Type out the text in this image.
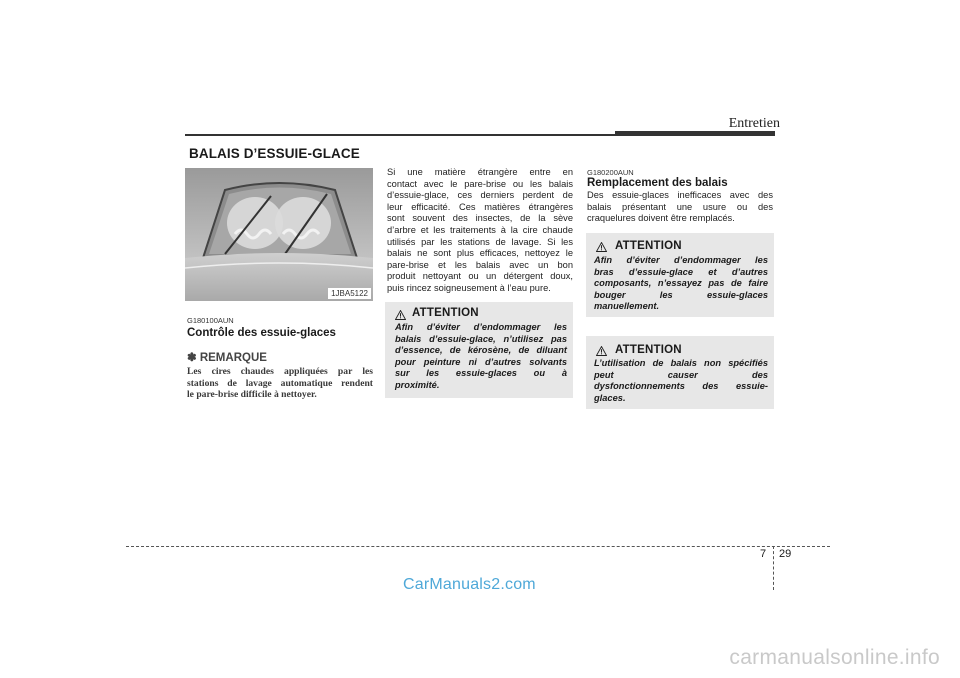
Entretien
BALAIS D’ESSUIE-GLACE
1JBA5122
G180100AUN
Contrôle des essuie-glaces
✽ REMARQUE
Les cires chaudes appliquées par les
stations de lavage automatique rendent
le pare-brise difficile à nettoyer.
Si une matière étrangère entre en
contact avec le pare-brise ou les balais
d’essuie-glace, ces derniers perdent de
leur efficacité. Ces matières étrangères
sont souvent des insectes, de la sève
d’arbre et les traitements à la cire chaude
utilisés par les stations de lavage. Si les
balais ne sont plus efficaces, nettoyez le
pare-brise et les balais avec un bon
produit nettoyant ou un détergent doux,
puis rincez soigneusement à l’eau pure.
ATTENTION
Afin d’éviter d’endommager les
balais d’essuie-glace, n’utilisez pas
d’essence, de kérosène, de diluant
pour peinture ni d’autres solvants
sur les essuie-glaces ou à
proximité.
G180200AUN
Remplacement des balais
Des essuie-glaces inefficaces avec des
balais présentant une usure ou des
craquelures doivent être remplacés.
ATTENTION
Afin d’éviter d’endommager les
bras d’essuie-glace et d’autres
composants, n’essayez pas de faire
bouger les essuie-glaces
manuellement.
ATTENTION
L’utilisation de balais non spécifiés
peut causer des
dysfonctionnements des essuie-
glaces.
7 29
CarManuals2.com
carmanualsonline.info
